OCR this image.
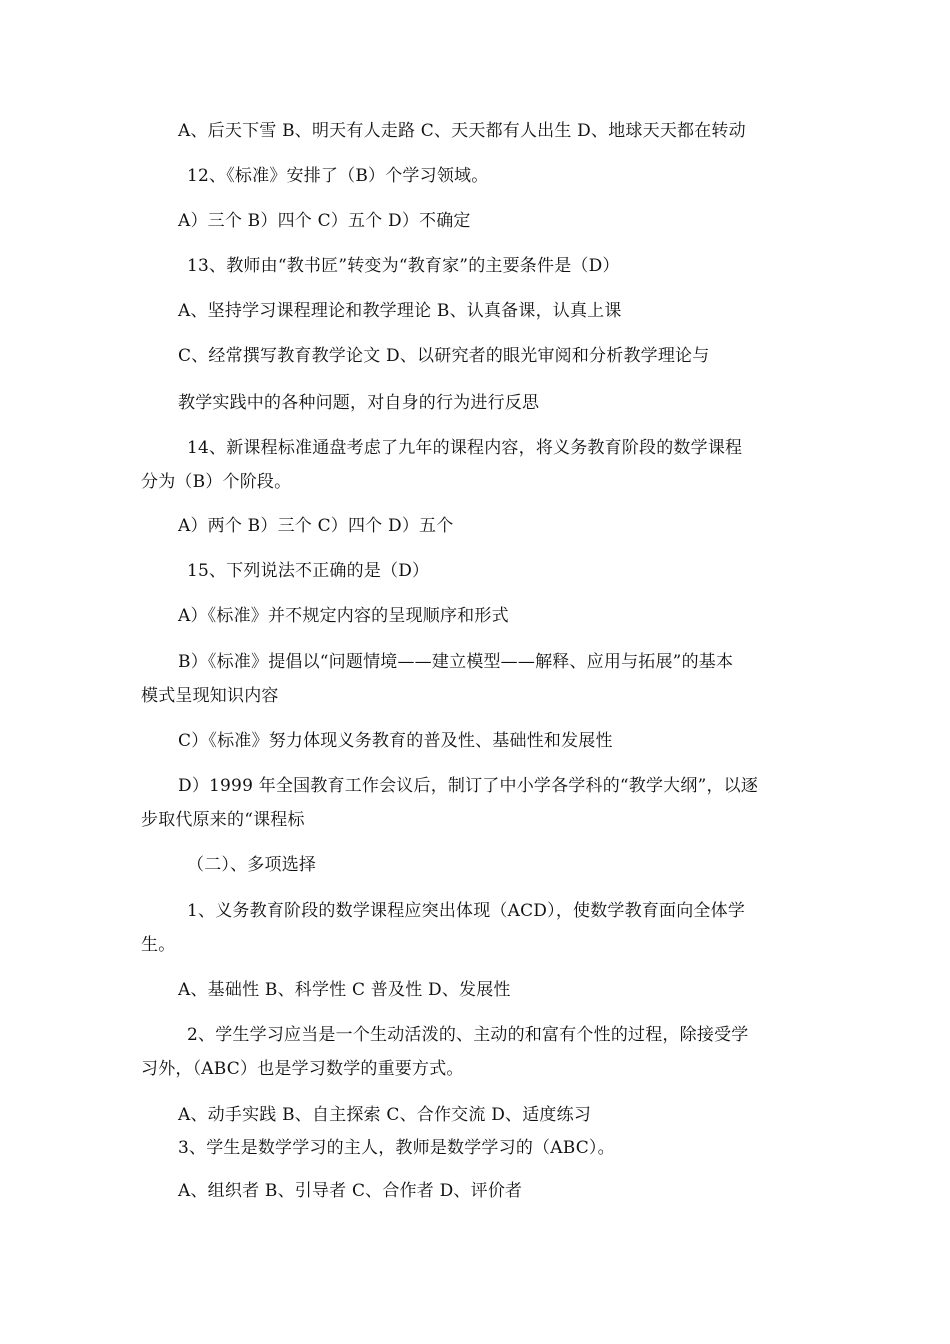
A、后天下雪 B、明天有人走路 C、天天都有人出生 D、地球天天都在转动
12、《标准》安排了（B）个学习领域。
A）三个 B）四个 C）五个 D）不确定
13、教师由“教书匠”转变为“教育家”的主要条件是（D）
A、坚持学习课程理论和教学理论 B、认真备课，认真上课
C、经常撰写教育教学论文 D、以研究者的眼光审阅和分析教学理论与
教学实践中的各种问题，对自身的行为进行反思
14、新课程标准通盘考虑了九年的课程内容，将义务教育阶段的数学课程
分为（B）个阶段。
A）两个 B）三个 C）四个 D）五个
15、下列说法不正确的是（D）
A）《标准》并不规定内容的呈现顺序和形式
B）《标准》提倡以“问题情境——建立模型——解释、应用与拓展”的基本
模式呈现知识内容
C）《标准》努力体现义务教育的普及性、基础性和发展性
D）1999 年全国教育工作会议后，制订了中小学各学科的“教学大纲”，以逐
步取代原来的“课程标
（二）、多项选择
1、义务教育阶段的数学课程应突出体现（ACD），使数学教育面向全体学
生。
A、基础性 B、科学性 C 普及性 D、发展性
2、学生学习应当是一个生动活泼的、主动的和富有个性的过程，除接受学
习外，（ABC）也是学习数学的重要方式。
A、动手实践 B、自主探索 C、合作交流 D、适度练习
3、学生是数学学习的主人，教师是数学学习的（ABC）。
A、组织者 B、引导者 C、合作者 D、评价者
